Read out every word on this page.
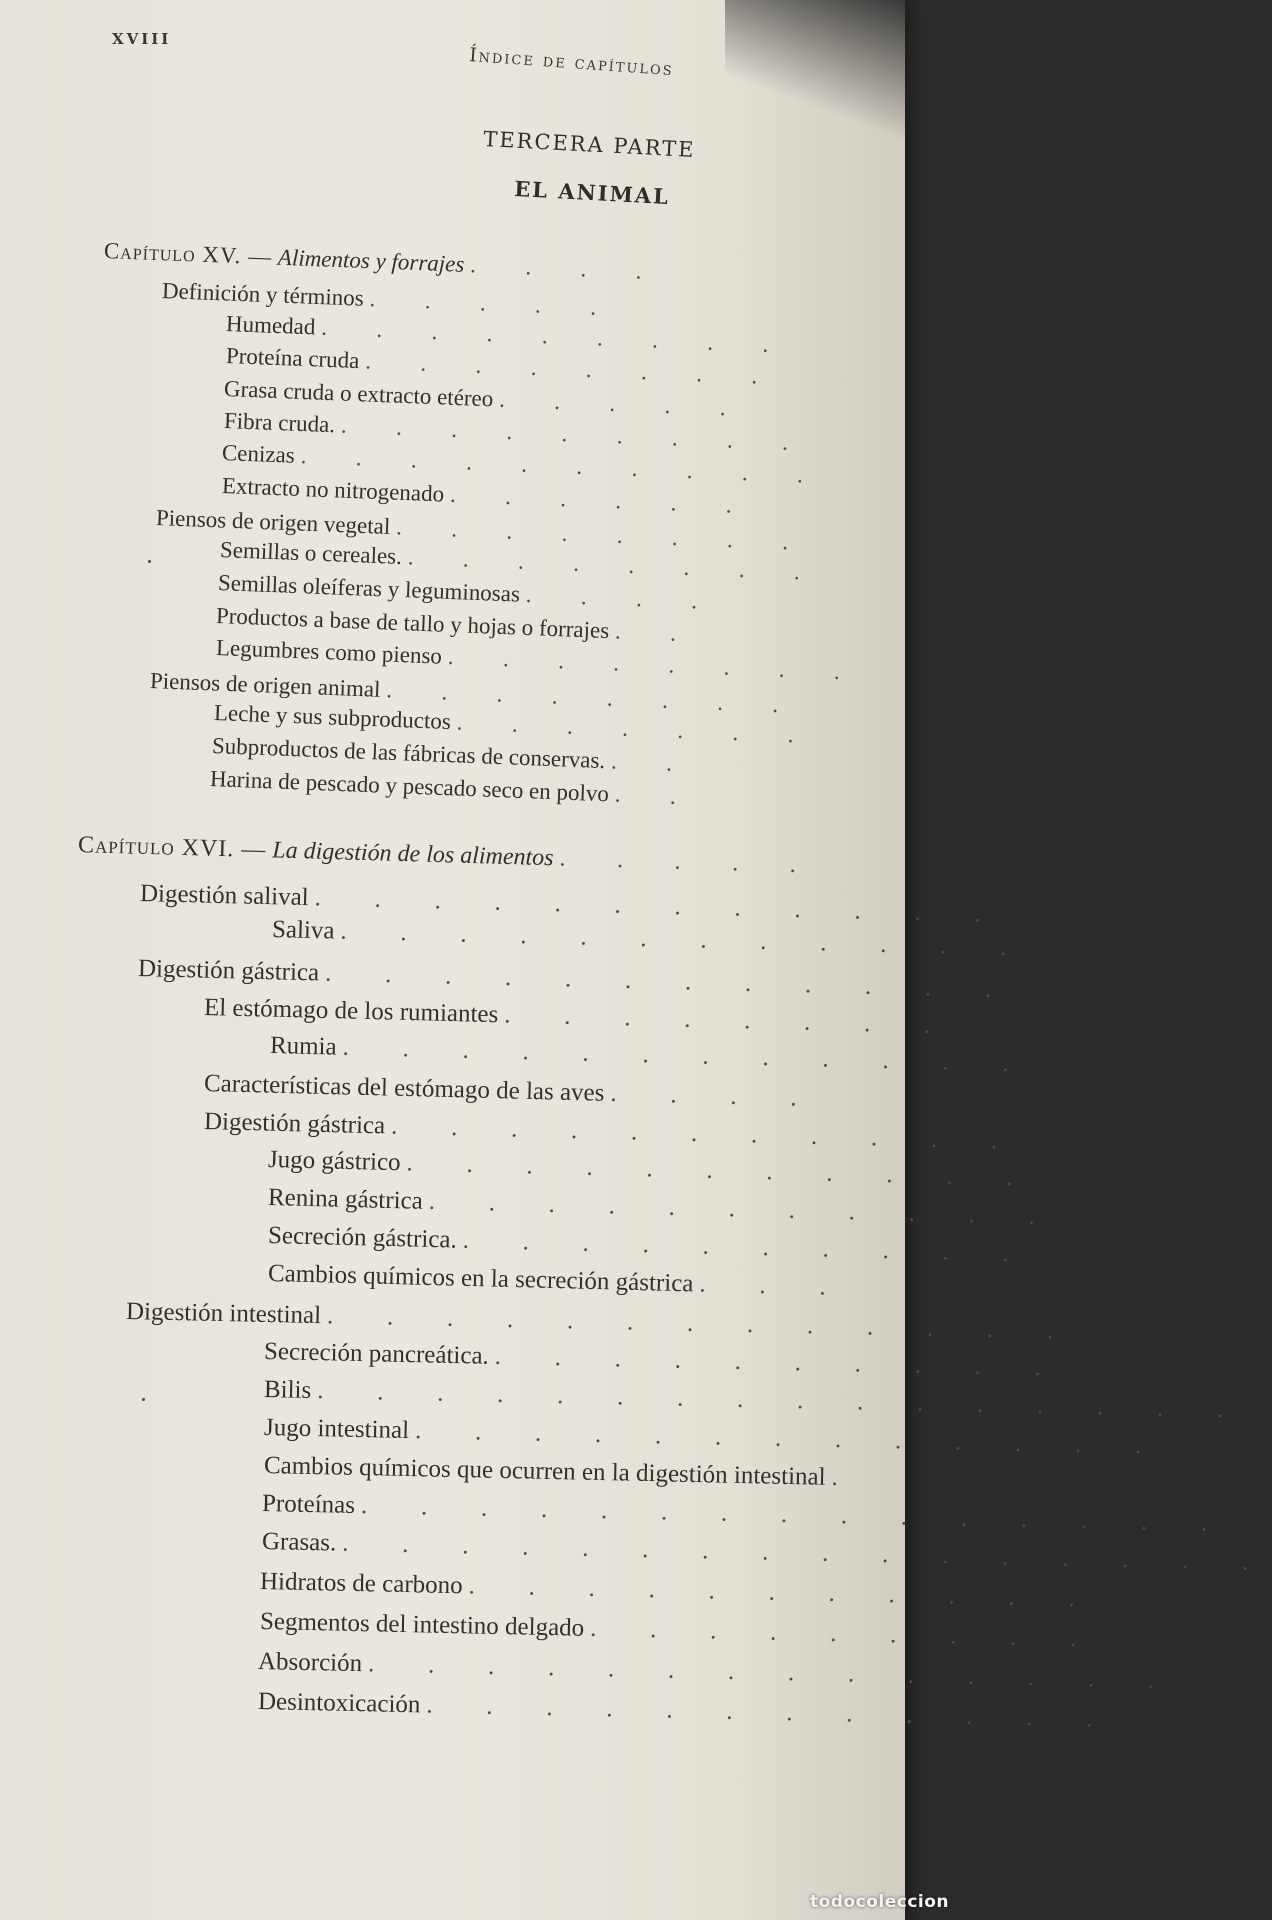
XVIII
Índice de capítulos
TERCERA PARTE
EL ANIMAL
Capítulo XV. — Alimentos y forrajes . . . .
Definición y términos . . . . .
Humedad . . . . . . . . .
Proteína cruda . . . . . . . .
Grasa cruda o extracto etéreo . . . . .
Fibra cruda. . . . . . . . . .
Cenizas . . . . . . . . . .
Extracto no nitrogenado . . . . . .
Piensos de origen vegetal . . . . . . . .
Semillas o cereales. . . . . . . . .
Semillas oleíferas y leguminosas . . . .
Productos a base de tallo y hojas o forrajes . .
Legumbres como pienso . . . . . . . .
Piensos de origen animal . . . . . . . .
Leche y sus subproductos . . . . . . .
Subproductos de las fábricas de conservas. . .
Harina de pescado y pescado seco en polvo . .
Capítulo XVI. — La digestión de los alimentos . . . . .
Digestión salival . . . . . . . . . . . .
Saliva . . . . . . . . . . . .
Digestión gástrica . . . . . . . . . . . .
El estómago de los rumiantes . . . . . . . .
Rumia . . . . . . . . . . . .
Características del estómago de las aves . . . .
Digestión gástrica . . . . . . . . . . .
Jugo gástrico . . . . . . . . . . .
Renina gástrica . . . . . . . . . . .
Secreción gástrica. . . . . . . . . . .
Cambios químicos en la secreción gástrica . . .
Digestión intestinal . . . . . . . . . . . . .
Secreción pancreática. . . . . . . . . . .
Bilis . . . . . . . . . . . . . . . .
Jugo intestinal . . . . . . . . . . . . .
Cambios químicos que ocurren en la digestión intestinal .
Proteínas . . . . . . . . . . . . . . .
Grasas. . . . . . . . . . . . . . . . .
Hidratos de carbono . . . . . . . . . . .
Segmentos del intestino delgado . . . . . . . . .
Absorción . . . . . . . . . . . . . .
Desintoxicación . . . . . . . . . . . .
todocoleccion
